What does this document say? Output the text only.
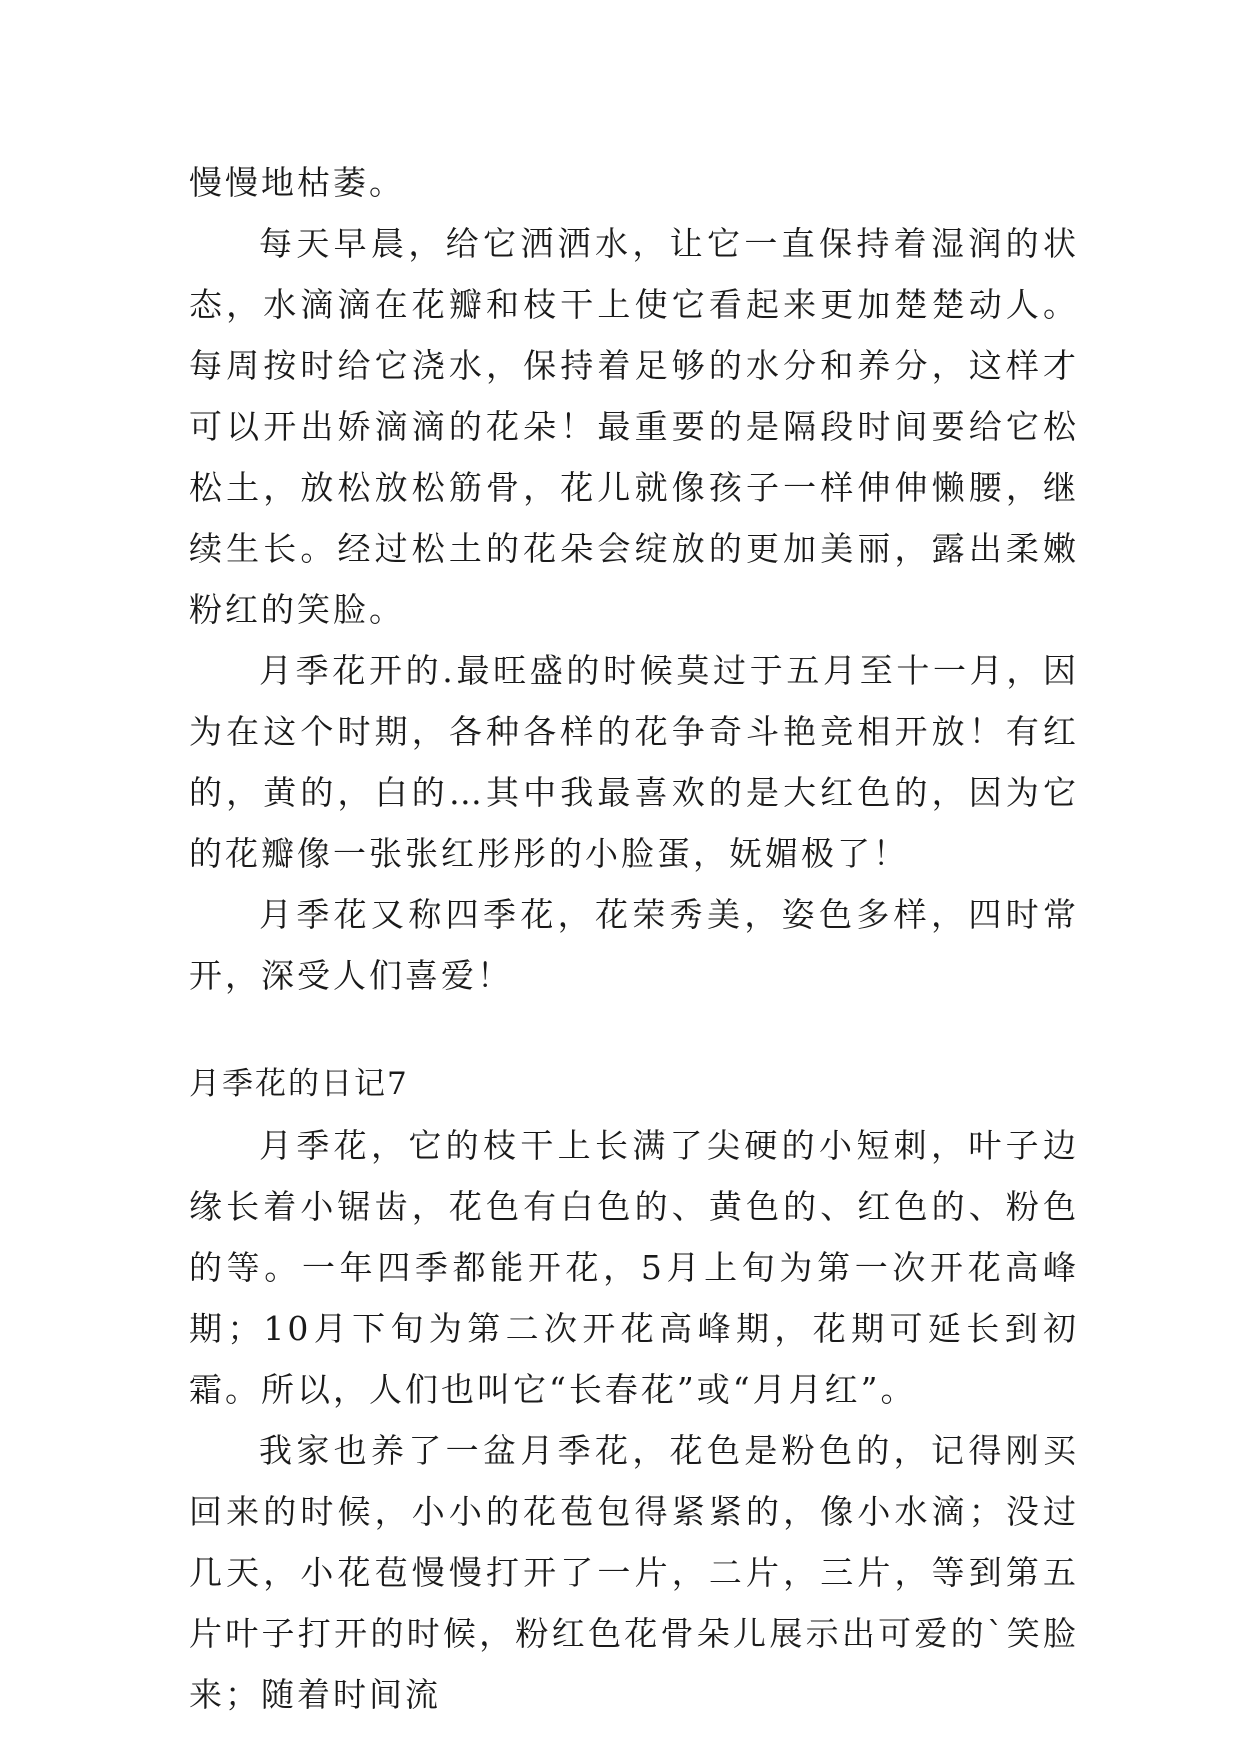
慢慢地枯萎。

每天早晨，给它洒洒水，让它一直保持着湿润的状态，水滴滴在花瓣和枝干上使它看起来更加楚楚动人。每周按时给它浇水，保持着足够的水分和养分，这样才可以开出娇滴滴的花朵！最重要的是隔段时间要给它松松土，放松放松筋骨，花儿就像孩子一样伸伸懒腰，继续生长。经过松土的花朵会绽放的更加美丽，露出柔嫩粉红的笑脸。

月季花开的.最旺盛的时候莫过于五月至十一月，因为在这个时期，各种各样的花争奇斗艳竞相开放！有红的，黄的，白的…其中我最喜欢的是大红色的，因为它的花瓣像一张张红彤彤的小脸蛋，妩媚极了！

月季花又称四季花，花荣秀美，姿色多样，四时常开，深受人们喜爱！

月季花的日记7

月季花，它的枝干上长满了尖硬的小短刺，叶子边缘长着小锯齿，花色有白色的、黄色的、红色的、粉色的等。一年四季都能开花，5月上旬为第一次开花高峰期；10月下旬为第二次开花高峰期，花期可延长到初霜。所以，人们也叫它“长春花”或“月月红”。

我家也养了一盆月季花，花色是粉色的，记得刚买回来的时候，小小的花苞包得紧紧的，像小水滴；没过几天，小花苞慢慢打开了一片，二片，三片，等到第五片叶子打开的时候，粉红色花骨朵儿展示出可爱的`笑脸来；随着时间流
